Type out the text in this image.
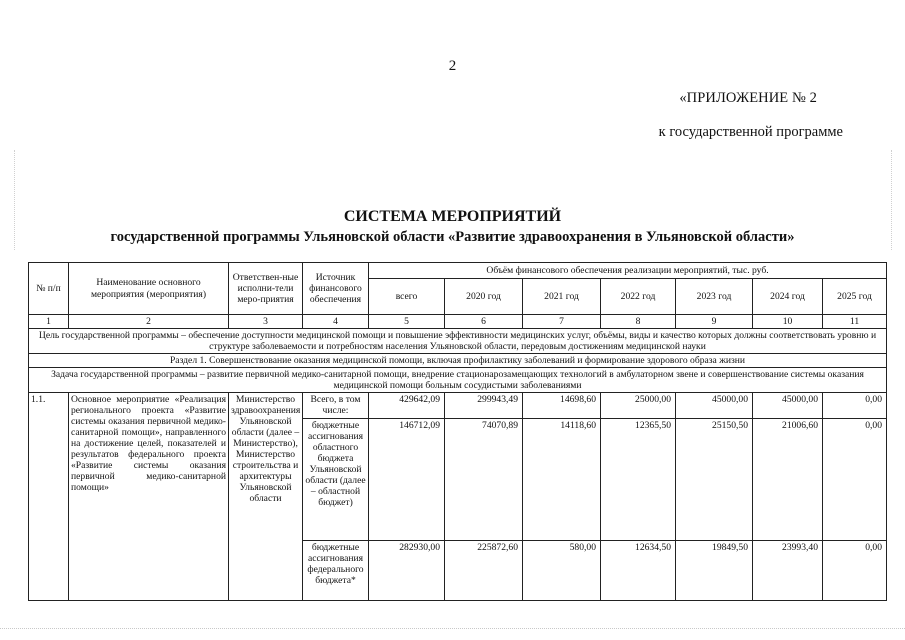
2
«ПРИЛОЖЕНИЕ № 2
к государственной программе
СИСТЕМА МЕРОПРИЯТИЙ
государственной программы Ульяновской области «Развитие здравоохранения в Ульяновской области»
№ п/п	Наименование основного мероприятия (мероприятия)	Ответствен-ные исполни-тели меро-приятия	Источник финансового обеспечения	Объём финансового обеспечения реализации мероприятий, тыс. руб.						
				всего	2020 год	2021 год	2022 год	2023 год	2024 год	2025 год
1	2	3	4	5	6	7	8	9	10	11
Цель государственной программы – обеспечение доступности медицинской помощи и повышение эффективности медицинских услуг, объёмы, виды и качество которых должны соответствовать уровню и структуре заболеваемости и потребностям населения Ульяновской области, передовым достижениям медицинской науки										
Раздел 1. Совершенствование оказания медицинской помощи, включая профилактику заболеваний и формирование здорового образа жизни										
Задача государственной программы – развитие первичной медико-санитарной помощи, внедрение стационарозамещающих технологий в амбулаторном звене и совершенствование системы оказания медицинской помощи больным сосудистыми заболеваниями										
1.1.	Основное мероприятие «Реализация регионального проекта «Развитие системы оказания первичной медико-санитарной помощи», направленного на достижение целей, показателей и результатов федерального проекта «Развитие системы оказания первичной медико-санитарной помощи»	Министерство здравоохранения Ульяновской области (далее – Министерство), Министерство строительства и архитектуры Ульяновской области	Всего, в том числе:	429642,09	299943,49	14698,60	25000,00	45000,00	45000,00	0,00
			бюджетные ассигнования областного бюджета Ульяновской области (далее – областной бюджет)	146712,09	74070,89	14118,60	12365,50	25150,50	21006,60	0,00
			бюджетные ассигнования федерального бюджета*	282930,00	225872,60	580,00	12634,50	19849,50	23993,40	0,00
